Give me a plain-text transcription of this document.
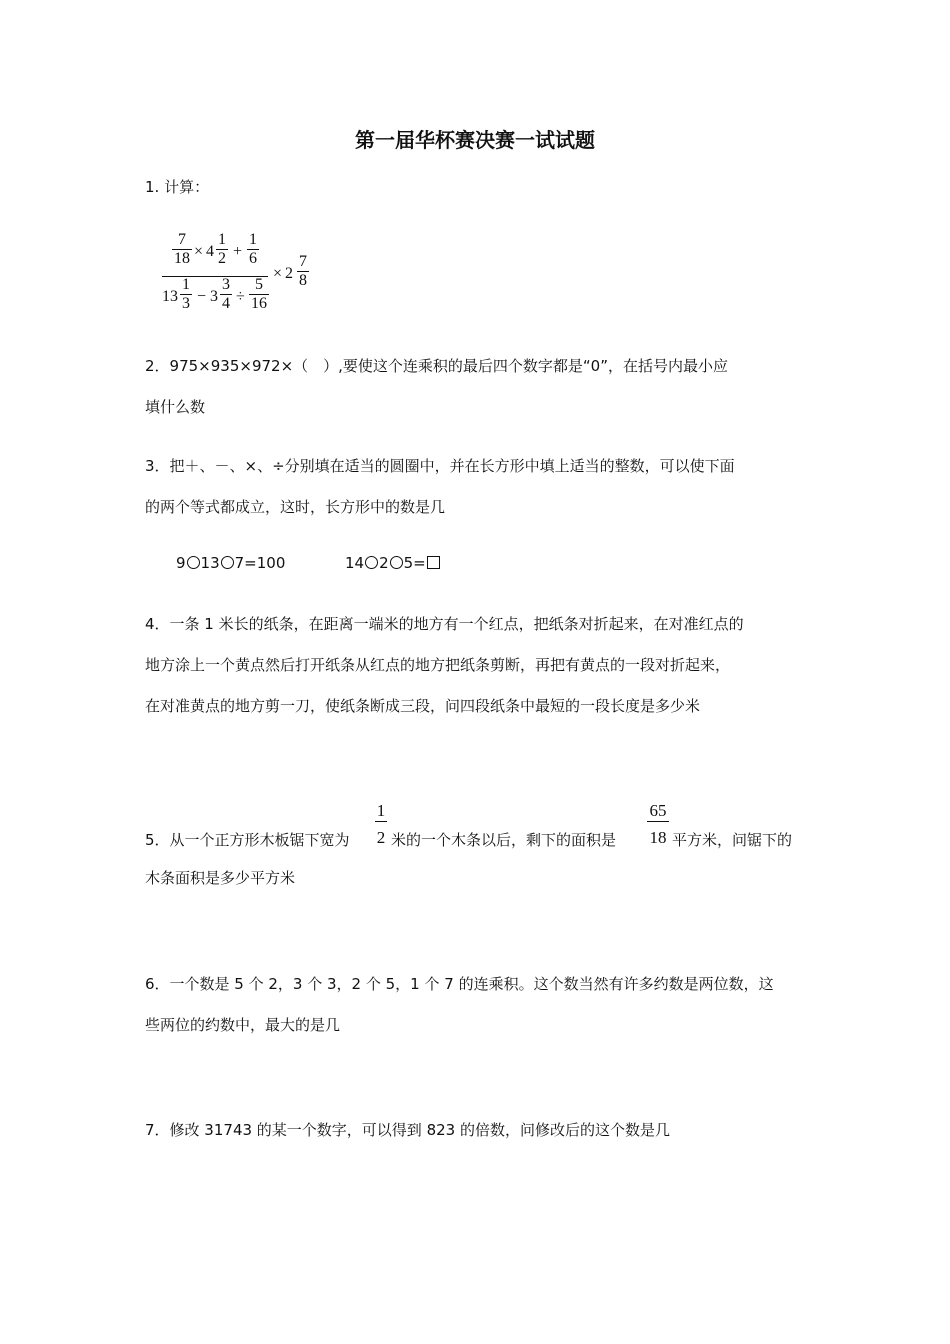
第一届华杯赛决赛一试试题
1. 计算：
$\frac{7}{18} \times 4 \frac{1}{2} + \frac{1}{6}$
$13 \frac{1}{3} - 3 \frac{3}{4} \div \frac{5}{16}$
× $2 \frac{7}{8}$
2．975×935×972×（　）,要使这个连乘积的最后四个数字都是“0”，在括号内最小应
填什么数
3．把＋、－、×、÷分别填在适当的圆圈中，并在长方形中填上适当的整数，可以使下面
的两个等式都成立，这时，长方形中的数是几
9 13 7=100	14 2 5=
4．一条 1 米长的纸条，在距离一端米的地方有一个红点，把纸条对折起来，在对准红点的
地方涂上一个黄点然后打开纸条从红点的地方把纸条剪断，再把有黄点的一段对折起来，
在对准黄点的地方剪一刀，使纸条断成三段，问四段纸条中最短的一段长度是多少米
5．从一个正方形木板锯下宽为 $\frac{1}{2}$ 米的一个木条以后，剩下的面积是 $\frac{65}{18}$ 平方米，问锯下的
木条面积是多少平方米
6．一个数是 5 个 2，3 个 3，2 个 5，1 个 7 的连乘积。这个数当然有许多约数是两位数，这
些两位的约数中，最大的是几
7．修改 31743 的某一个数字，可以得到 823 的倍数，问修改后的这个数是几
